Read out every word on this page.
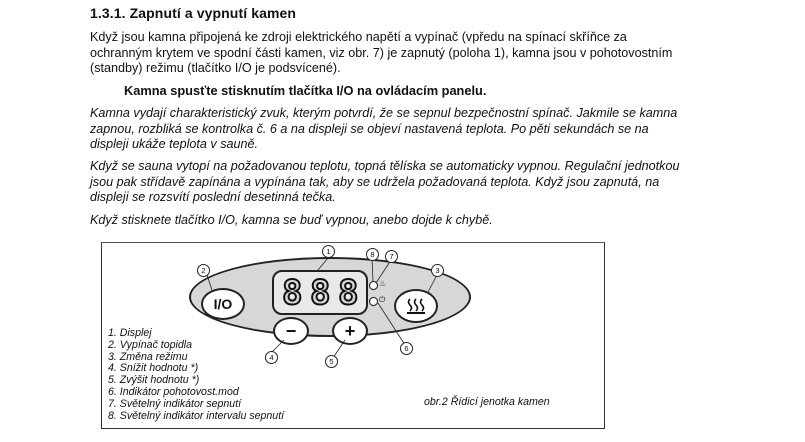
1.3.1. Zapnutí a vypnutí kamen
Když jsou kamna připojená ke zdroji elektrického napětí a vypínač (vpředu na spínací skříňce za
ochranným krytem ve spodní části kamen, viz obr. 7) je zapnutý (poloha 1), kamna jsou v pohotovostním
(standby) režimu (tlačítko I/O je podsvícené).
Kamna spusťte stisknutím tlačítka I/O na ovládacím panelu.
Kamna vydají charakteristický zvuk, kterým potvrdí, že se sepnul bezpečnostní spínač. Jakmile se kamna
zapnou, rozbliká se kontrolka č. 6 a na displeji se objeví nastavená teplota. Po pěti sekundách se na
displeji ukáže teplota v sauně.
Když se sauna vytopí na požadovanou teplotu, topná tělíska se automaticky vypnou. Regulační jednotkou
jsou pak střídavě zapínána a vypínána tak, aby se udržela požadovaná teplota. Když jsou zapnutá, na
displeji se rozsvítí poslední desetinná tečka.
Když stisknete tlačítko I/O, kamna se buď vypnou, anebo dojde k chybě.
8 8 8
I/O
−	+
♨
⏻
1
2	3
4	5
6
7
8
1. Displej
2. Vypínač topidla
3. Změna režimu
4. Snížit hodnotu *)
5. Zvýšit hodnotu *)
6. Indikátor pohotovost.mod
7. Světelný indikátor sepnutí
8. Světelný indikátor intervalu sepnutí
obr.2 Řídicí jenotka kamen
